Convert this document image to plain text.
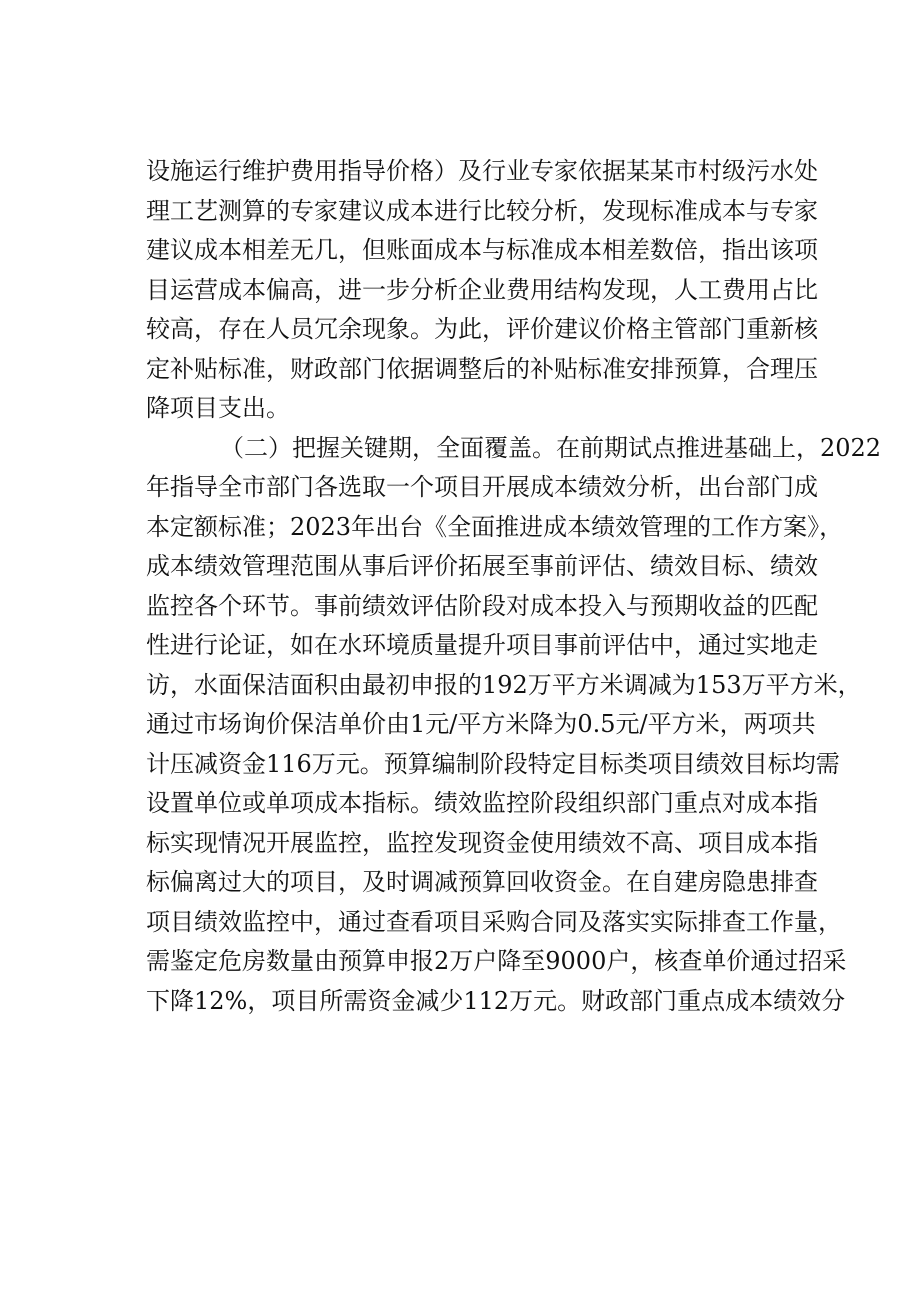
设施运行维护费用指导价格）及行业专家依据某某市村级污水处
理工艺测算的专家建议成本进行比较分析，发现标准成本与专家
建议成本相差无几，但账面成本与标准成本相差数倍，指出该项
目运营成本偏高，进一步分析企业费用结构发现，人工费用占比
较高，存在人员冗余现象。为此，评价建议价格主管部门重新核
定补贴标准，财政部门依据调整后的补贴标准安排预算，合理压
降项目支出。
（二）把握关键期，全面覆盖。在前期试点推进基础上，2022
年指导全市部门各选取一个项目开展成本绩效分析，出台部门成
本定额标准；2023年出台《全面推进成本绩效管理的工作方案》，
成本绩效管理范围从事后评价拓展至事前评估、绩效目标、绩效
监控各个环节。事前绩效评估阶段对成本投入与预期收益的匹配
性进行论证，如在水环境质量提升项目事前评估中，通过实地走
访，水面保洁面积由最初申报的192万平方米调减为153万平方米，
通过市场询价保洁单价由1元/平方米降为0.5元/平方米，两项共
计压减资金116万元。预算编制阶段特定目标类项目绩效目标均需
设置单位或单项成本指标。绩效监控阶段组织部门重点对成本指
标实现情况开展监控，监控发现资金使用绩效不高、项目成本指
标偏离过大的项目，及时调减预算回收资金。在自建房隐患排查
项目绩效监控中，通过查看项目采购合同及落实实际排查工作量，
需鉴定危房数量由预算申报2万户降至9000户，核查单价通过招采
下降12%，项目所需资金减少112万元。财政部门重点成本绩效分
